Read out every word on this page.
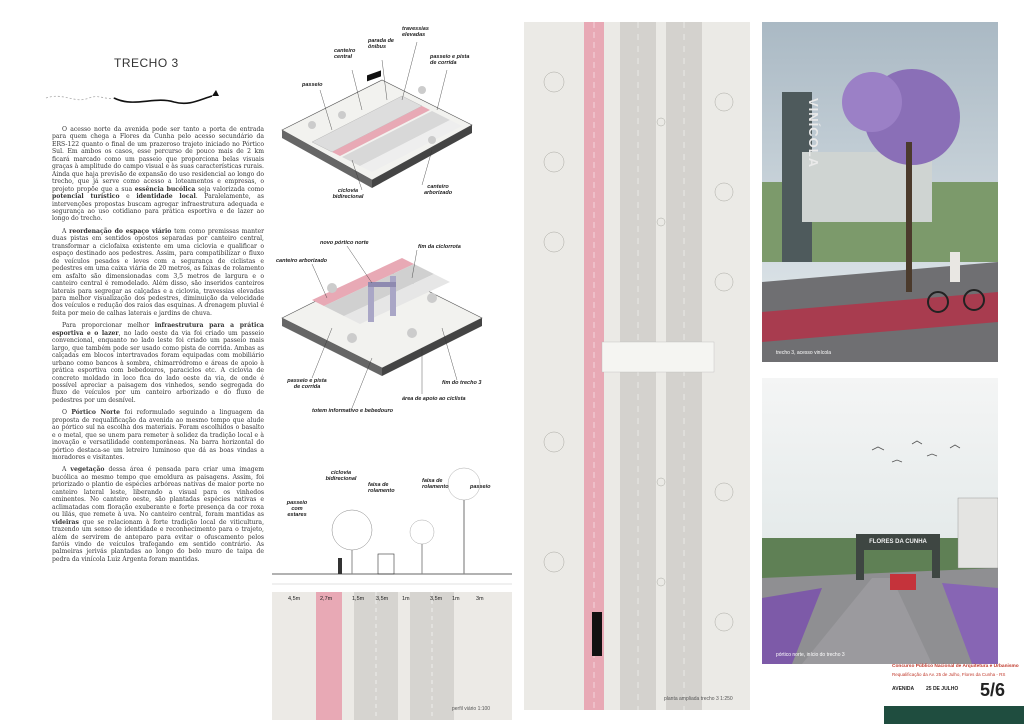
TRECHO 3

O acesso norte da avenida pode ser tanto a porta de entrada para quem chega a Flores da Cunha pelo acesso secundário da ERS-122 quanto o final de um prazeroso trajeto iniciado no Pórtico Sul. Em ambos os casos, esse percurso de pouco mais de 2 km ficará marcado como um passeio que proporciona belas visuais graças à amplitude do campo visual e às suas características rurais. Ainda que haja previsão de expansão do uso residencial ao longo do trecho, que já serve como acesso a loteamentos e empresas, o projeto propõe que a sua essência bucólica seja valorizada como potencial turístico e identidade local. Paralelamente, as intervenções propostas buscam agregar infraestrutura adequada e segurança ao uso cotidiano para prática esportiva e de lazer ao longo do trecho.

A reordenação do espaço viário tem como premissas manter duas pistas em sentidos opostos separadas por canteiro central, transformar a ciclofaixa existente em uma ciclovia e qualificar o espaço destinado aos pedestres. Assim, para compatibilizar o fluxo de veículos pesados e leves com a segurança de ciclistas e pedestres em uma caixa viária de 20 metros, as faixas de rolamento em asfalto são dimensionadas com 3,5 metros de largura e o canteiro central é remodelado. Além disso, são inseridos canteiros laterais para segregar as calçadas e a ciclovia, travessias elevadas para melhor visualização dos pedestres, diminuição da velocidade dos veículos e redução dos raios das esquinas. A drenagem pluvial é feita por meio de calhas laterais e jardins de chuva.

Para proporcionar melhor infraestrutura para a prática esportiva e o lazer, no lado oeste da via foi criado um passeio convencional, enquanto no lado leste foi criado um passeio mais largo, que também pode ser usado como pista de corrida. Ambas as calçadas em blocos intertravados foram equipadas com mobiliário urbano como bancos à sombra, chimarródromo e áreas de apoio à prática esportiva com bebedouros, paraciclos etc. A ciclovia de concreto moldado in loco fica do lado oeste da via, de onde é possível apreciar a paisagem dos vinhedos, sendo segregada do fluxo de veículos por um canteiro arborizado e do fluxo de pedestres por um desnível.

O Pórtico Norte foi reformulado seguindo a linguagem da proposta de requalificação da avenida ao mesmo tempo que alude ao pórtico sul na escolha dos materiais. Foram escolhidos o basalto e o metal, que se unem para remeter à solidez da tradição local e à inovação e versatilidade contemporâneas. Na barra horizontal do pórtico destaca-se um letreiro luminoso que dá as boas vindas a moradores e visitantes.

A vegetação dessa área é pensada para criar uma imagem bucólica ao mesmo tempo que emoldura as paisagens. Assim, foi priorizado o plantio de espécies arbóreas nativas de maior porte no canteiro lateral leste, liberando a visual para os vinhedos eminentes. No canteiro oeste, são plantadas espécies nativas e aclimatadas com floração exuberante e forte presença da cor roxa ou lilás, que remete à uva. No canteiro central, foram mantidas as videiras que se relacionam à forte tradição local de viticultura, trazendo um senso de identidade e reconhecimento para o trajeto, além de servirem de anteparo para evitar o ofuscamento pelos faróis vindo de veículos trafegando em sentido contrário. As palmeiras jerivás plantadas ao longo do belo muro de taipa de pedra da vinícola Luiz Argenta foram mantidas.

passeio
canteiro central
parada de ônibus
travessias elevadas
passeio e pista de corrida
ciclovia bidirecional
canteiro arborizado
novo pórtico norte
fim da ciclorrota
canteiro arborizado
passeio e pista de corrida
fim do trecho 3
área de apoio ao ciclista
totem informativo e bebedouro
ciclovia bidirecional
faixa de rolamento
faixa de rolamento	passeio
passeio com estares
4,5m	2,7m	1,5m 3,5m	1m	3,5m 1m	3m
perfil viário 1:100
planta ampliada trecho 3 1:250
VINÍCOLA
trecho 3, acesso vinícola
FLORES DA CUNHA
pórtico norte, início do trecho 3
Concurso Público Nacional de Arquitetura e Urbanismo
Requalificação da Av. 25 de Julho, Flores da Cunha - RS
AVENIDA 25 DE JULHO 5/6
